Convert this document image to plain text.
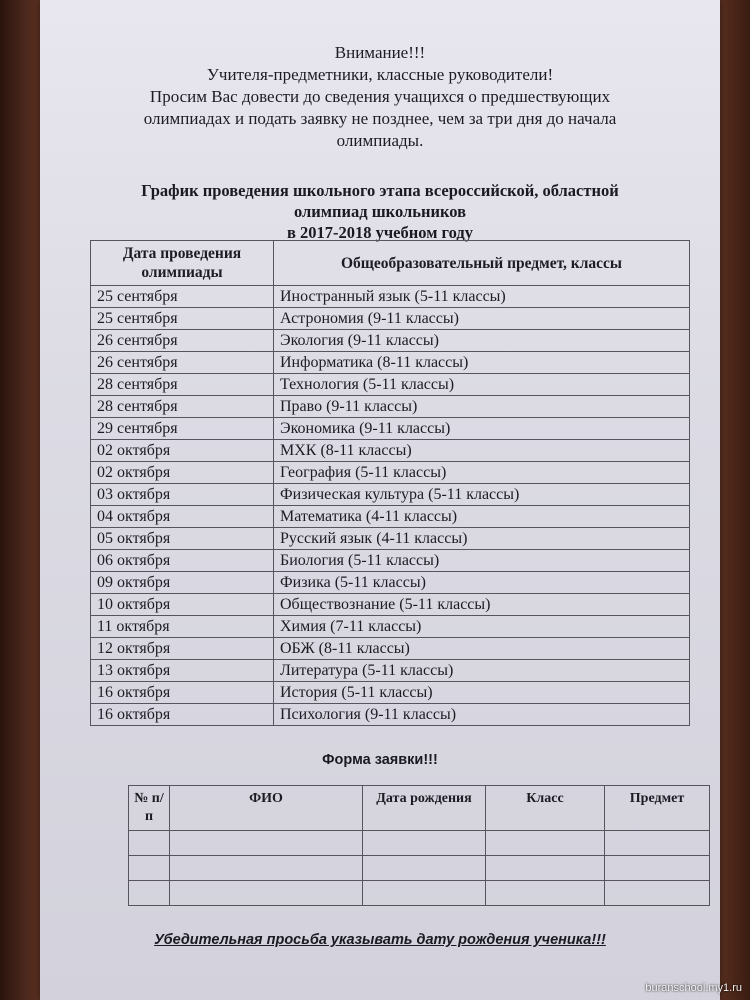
Внимание!!!
Учителя-предметники, классные руководители!
Просим Вас довести до сведения учащихся о предшествующих
олимпиадах и подать заявку не позднее, чем за три дня до начала
олимпиады.
График проведения школьного этапа всероссийской, областной
олимпиад школьников
в 2017-2018 учебном году
Дата проведения олимпиады	Общеобразовательный предмет, классы
25 сентября	Иностранный язык (5-11 классы)
25 сентября	Астрономия (9-11 классы)
26 сентября	Экология (9-11 классы)
26 сентября	Информатика (8-11 классы)
28 сентября	Технология (5-11 классы)
28 сентября	Право (9-11 классы)
29 сентября	Экономика (9-11 классы)
02 октября	МХК (8-11 классы)
02 октября	География (5-11 классы)
03 октября	Физическая культура (5-11 классы)
04 октября	Математика (4-11 классы)
05 октября	Русский язык (4-11 классы)
06 октября	Биология (5-11 классы)
09 октября	Физика (5-11 классы)
10 октября	Обществознание (5-11 классы)
11 октября	Химия (7-11 классы)
12 октября	ОБЖ (8-11 классы)
13 октября	Литература (5-11 классы)
16 октября	История (5-11 классы)
16 октября	Психология (9-11 классы)
Форма заявки!!!
№ п/п	ФИО	Дата рождения	Класс	Предмет

Убедительная просьба указывать дату рождения ученика!!!
buranschool.my1.ru
